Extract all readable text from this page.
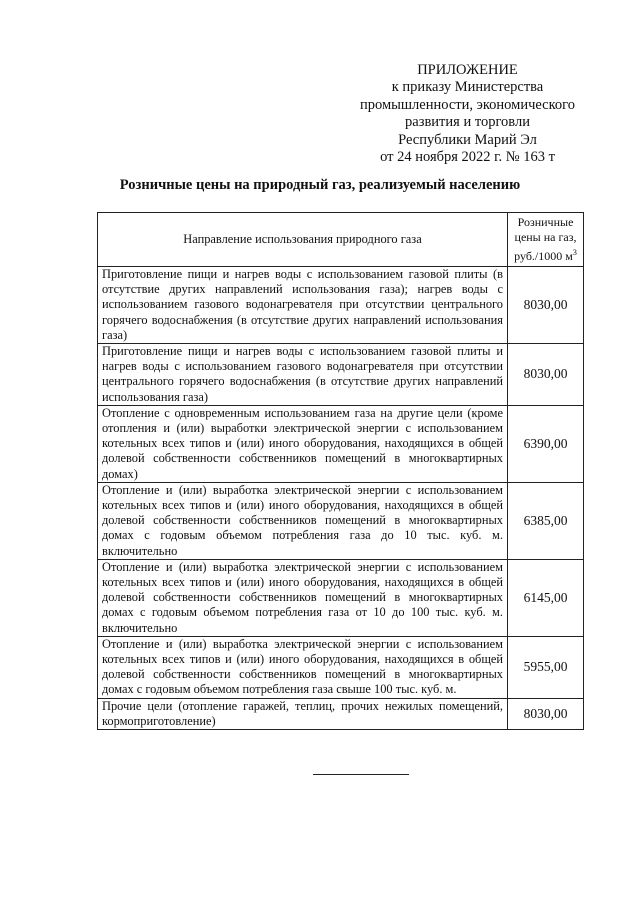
ПРИЛОЖЕНИЕ
к приказу Министерства
промышленности, экономического
развития и торговли
Республики Марий Эл
от 24 ноября 2022 г. № 163 т
Розничные цены на природный газ, реализуемый населению
Направление использования природного газа	Розничные
цены на газ,
руб./1000 $м^3$
Приготовление пищи и нагрев воды с использованием газовой плиты (в отсутствие других направлений использования газа); нагрев воды с использованием газового водонагревателя при отсутствии центрального горячего водоснабжения (в отсутствие других направлений использования газа)	8030,00
Приготовление пищи и нагрев воды с использованием газовой плиты и нагрев воды с использованием газового водонагревателя при отсутствии центрального горячего водоснабжения (в отсутствие других направлений использования газа)	8030,00
Отопление с одновременным использованием газа на другие цели (кроме отопления и (или) выработки электрической энергии с использованием котельных всех типов и (или) иного оборудования, находящихся в общей долевой собственности собственников помещений в многоквартирных домах)	6390,00
Отопление и (или) выработка электрической энергии с использованием котельных всех типов и (или) иного оборудования, находящихся в общей долевой собственности собственников помещений в многоквартирных домах с годовым объемом потребления газа до 10 тыс. куб. м. включительно	6385,00
Отопление и (или) выработка электрической энергии с использованием котельных всех типов и (или) иного оборудования, находящихся в общей долевой собственности собственников помещений в многоквартирных домах с годовым объемом потребления газа от 10 до 100 тыс. куб. м. включительно	6145,00
Отопление и (или) выработка электрической энергии с использованием котельных всех типов и (или) иного оборудования, находящихся в общей долевой собственности собственников помещений в многоквартирных домах с годовым объемом потребления газа свыше 100 тыс. куб. м.	5955,00
Прочие цели (отопление гаражей, теплиц, прочих нежилых помещений, кормоприготовление)	8030,00
